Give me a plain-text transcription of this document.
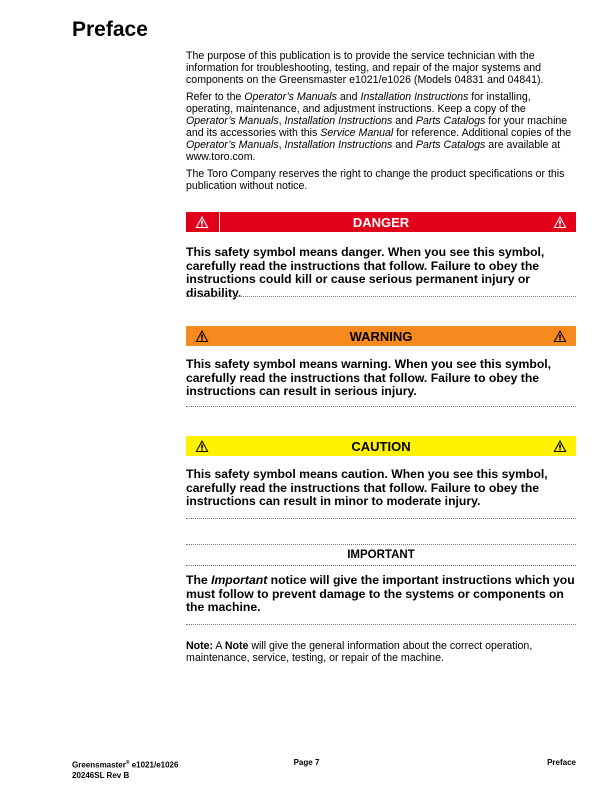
Preface

The purpose of this publication is to provide the service technician with the information for troubleshooting, testing, and repair of the major systems and components on the Greensmaster e1021/e1026 (Models 04831 and 04841).

Refer to the Operator’s Manuals and Installation Instructions for installing, operating, maintenance, and adjustment instructions. Keep a copy of the Operator’s Manuals, Installation Instructions and Parts Catalogs for your machine and its accessories with this Service Manual for reference. Additional copies of the Operator’s Manuals, Installation Instructions and Parts Catalogs are available at www.toro.com.

The Toro Company reserves the right to change the product specifications or this publication without notice.

DANGER

This safety symbol means danger. When you see this symbol, carefully read the instructions that follow. Failure to obey the instructions could kill or cause serious permanent injury or disability.

WARNING

This safety symbol means warning. When you see this symbol, carefully read the instructions that follow. Failure to obey the instructions can result in serious injury.

CAUTION

This safety symbol means caution. When you see this symbol, carefully read the instructions that follow. Failure to obey the instructions can result in minor to moderate injury.

IMPORTANT

The Important notice will give the important instructions which you must follow to prevent damage to the systems or components on the machine.

Note: A Note will give the general information about the correct operation, maintenance, service, testing, or repair of the machine.

Greensmaster® e1021/e1026
20246SL Rev B
Page 7	Preface
